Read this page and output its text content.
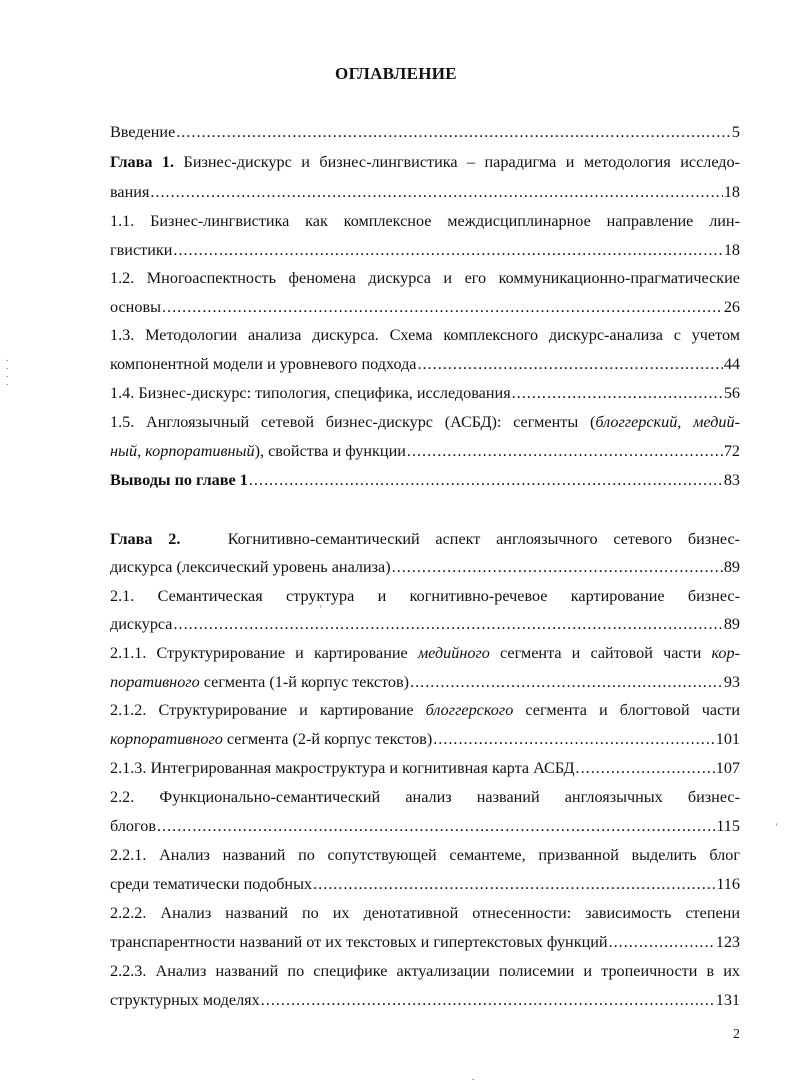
ОГЛАВЛЕНИЕ
. . . .
'
'
.
Введение .....	5
Глава 1. Бизнес-дискурс и бизнес-лингвистика – парадигма и методология исследо-
вания .....	18
1.1. Бизнес-лингвистика как комплексное междисциплинарное направление лин-
гвистики .....	18
1.2. Многоаспектность феномена дискурса и его коммуникационно-прагматические
основы .....	26
1.3. Методологии анализа дискурса. Схема комплексного дискурс-анализа с учетом
компонентной модели и уровневого подхода .....	44
1.4. Бизнес-дискурс: типология, специфика, исследования .....	56
1.5. Англоязычный сетевой бизнес-дискурс (АСБД): сегменты (блоггерский, медий-
ный, корпоративный), свойства и функции .....	72
Выводы по главе 1 .....	83
Глава 2.	Когнитивно-семантический аспект англоязычного сетевого бизнес-
дискурса (лексический уровень анализа) .....	89
2.1. Семантическая структура и когнитивно-речевое картирование бизнес-
дискурса .....	89
2.1.1. Структурирование и картирование медийного сегмента и сайтовой части кор-
поративного сегмента (1-й корпус текстов) .....	93
2.1.2. Структурирование и картирование блоггерского сегмента и блогтовой части
корпоративного сегмента (2-й корпус текстов) .....	101
2.1.3. Интегрированная макроструктура и когнитивная карта АСБД .....	107
2.2. Функционально-семантический анализ названий англоязычных бизнес-
блогов .....	115
2.2.1. Анализ названий по сопутствующей семантеме, призванной выделить блог
среди тематически подобных .....	116
2.2.2. Анализ названий по их денотативной отнесенности: зависимость степени
транспарентности названий от их текстовых и гипертекстовых функций .....	123
2.2.3. Анализ названий по специфике актуализации полисемии и тропеичности в их
структурных моделях .....	131
2
